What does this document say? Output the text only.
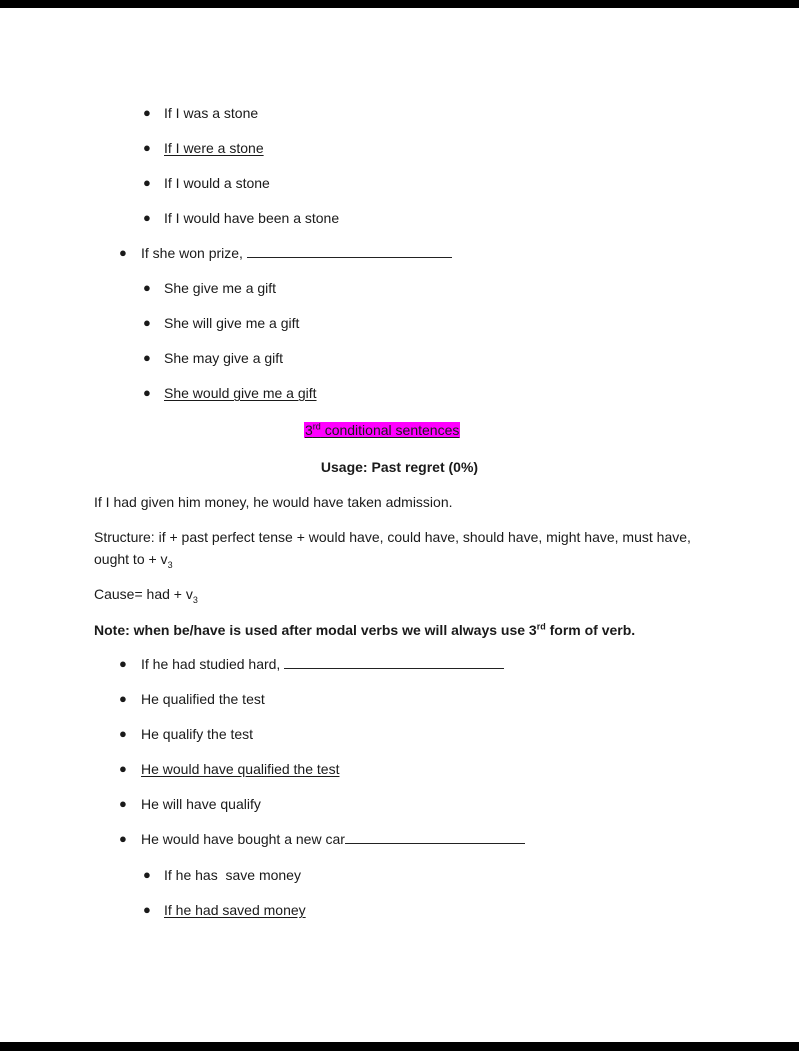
● If I was a stone
● If I were a stone
● If I would a stone
● If I would have been a stone
● If she won prize,
● She give me a gift
● She will give me a gift
● She may give a gift
● She would give me a gift
3rd conditional sentences
Usage: Past regret (0%)
If I had given him money, he would have taken admission.
Structure: if + past perfect tense + would have, could have, should have, might have, must have,
ought to + $v_3$
Cause= had + $v_3$
Note: when be/have is used after modal verbs we will always use 3rd form of verb.
● If he had studied hard,
● He qualified the test
● He qualify the test
● He would have qualified the test
● He will have qualify
● He would have bought a new car
● If he has  save money
● If he had saved money
